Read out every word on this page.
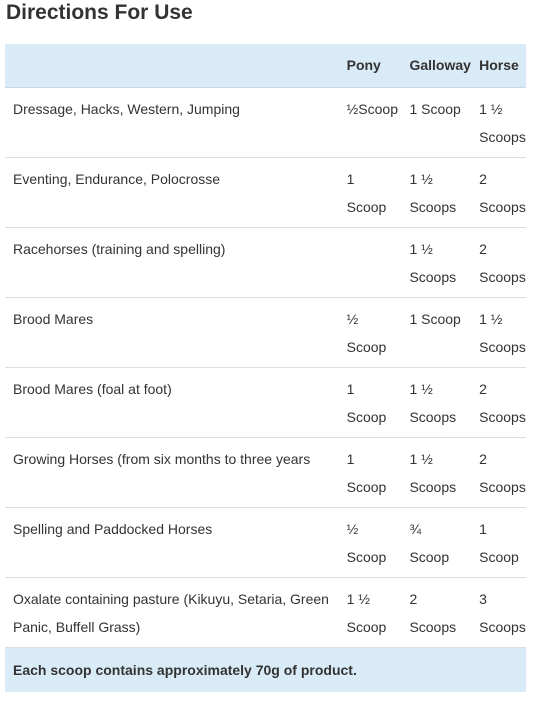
Directions For Use
	Pony	Galloway	Horse
Dressage, Hacks, Western, Jumping	½Scoop	1 Scoop	1 ½ Scoops
Eventing, Endurance, Polocrosse	1 Scoop	1 ½ Scoops	2 Scoops
Racehorses (training and spelling)		1 ½ Scoops	2 Scoops
Brood Mares	½ Scoop	1 Scoop	1 ½ Scoops
Brood Mares (foal at foot)	1 Scoop	1 ½ Scoops	2 Scoops
Growing Horses (from six months to three years	1 Scoop	1 ½ Scoops	2 Scoops
Spelling and Paddocked Horses	½ Scoop	¾ Scoop	1 Scoop
Oxalate containing pasture (Kikuyu, Setaria, Green Panic, Buffell Grass)	1 ½ Scoop	2 Scoops	3 Scoops
Each scoop contains approximately 70g of product.			
